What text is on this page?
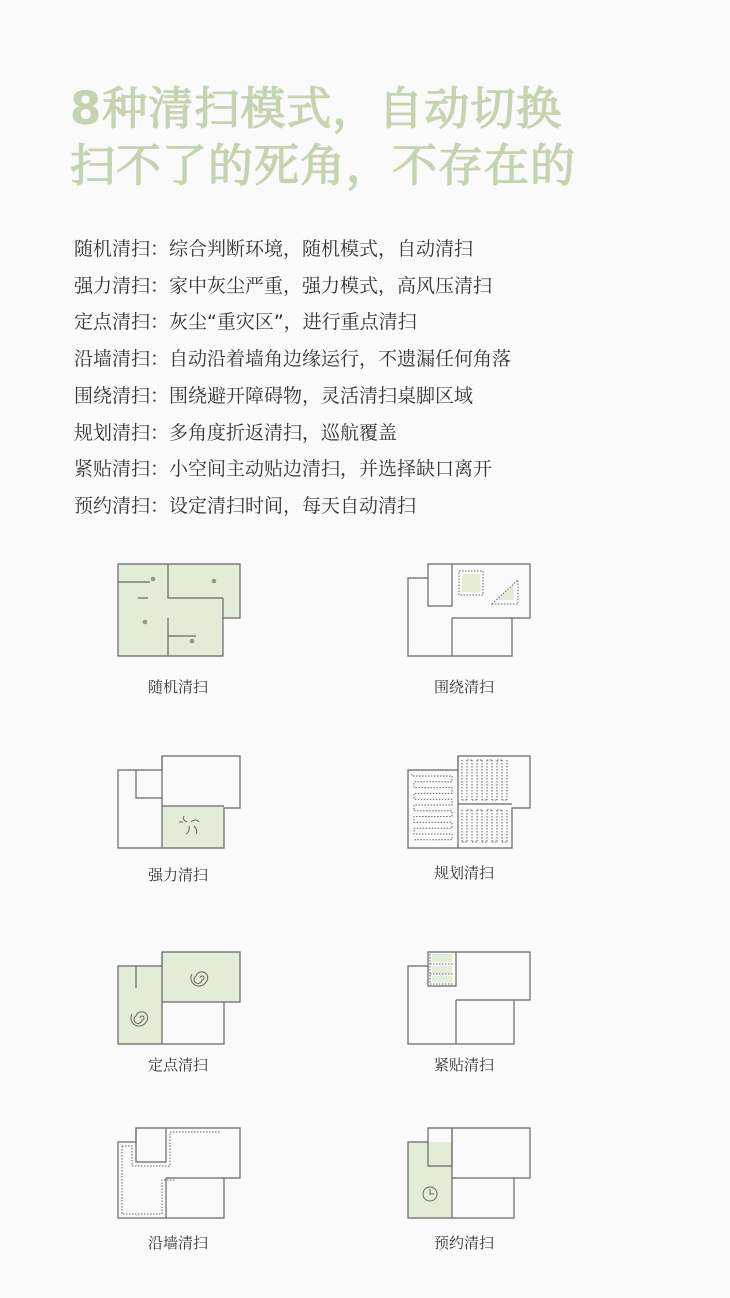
8种清扫模式，自动切换
扫不了的死角，不存在的
随机清扫：综合判断环境，随机模式，自动清扫
强力清扫：家中灰尘严重，强力模式，高风压清扫
定点清扫：灰尘“重灾区”，进行重点清扫
沿墙清扫：自动沿着墙角边缘运行，不遗漏任何角落
围绕清扫：围绕避开障碍物，灵活清扫桌脚区域
规划清扫：多角度折返清扫，巡航覆盖
紧贴清扫：小空间主动贴边清扫，并选择缺口离开
预约清扫：设定清扫时间，每天自动清扫
随机清扫	围绕清扫
强力清扫	规划清扫
定点清扫	紧贴清扫
沿墙清扫	预约清扫
